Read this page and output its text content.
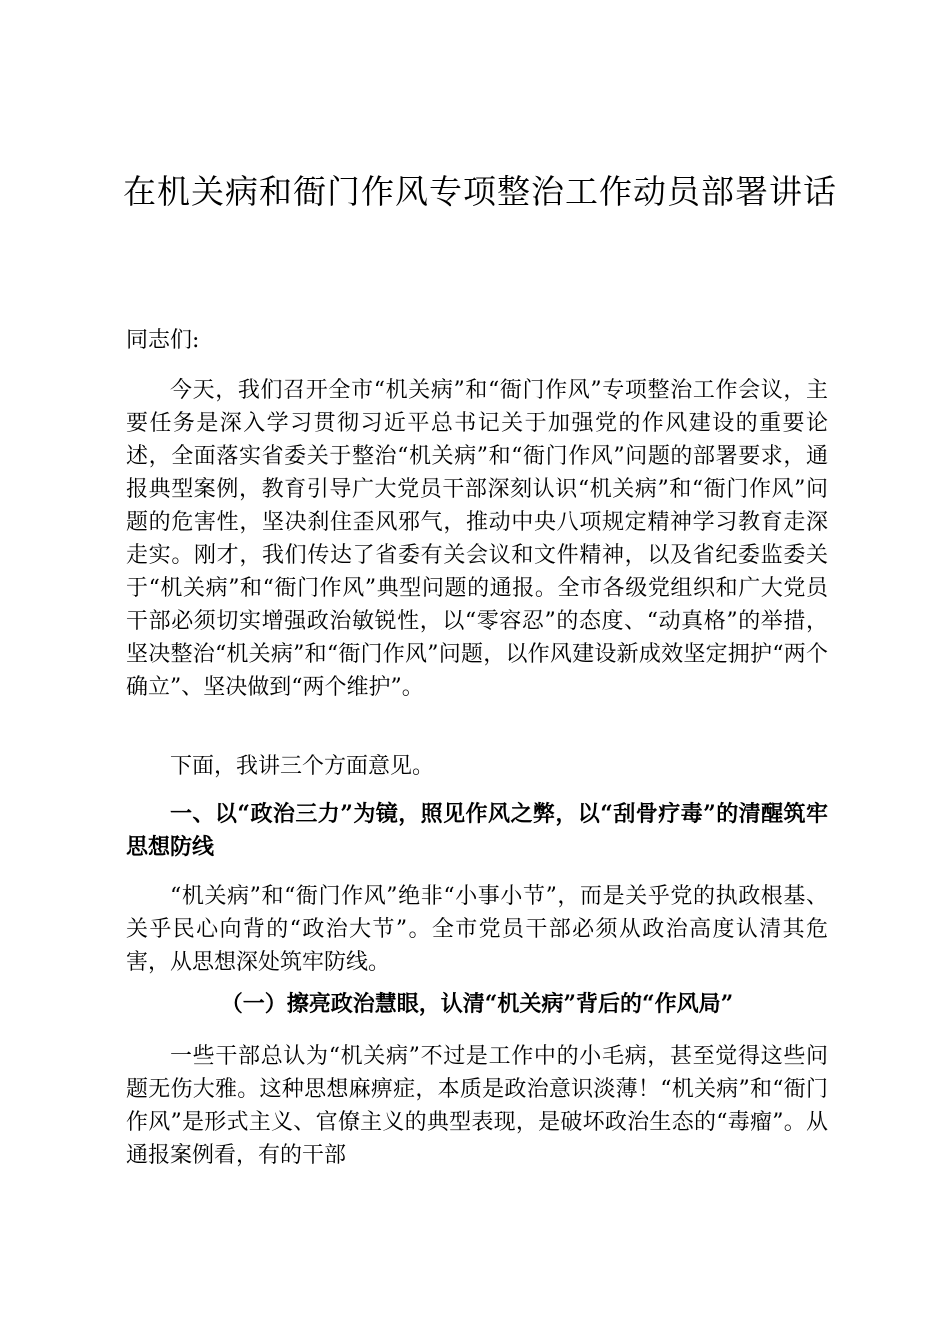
在机关病和衙门作风专项整治工作动员部署讲话

同志们:

今天，我们召开全市“机关病”和“衙门作风”专项整治工作会议，主要任务是深入学习贯彻习近平总书记关于加强党的作风建设的重要论述，全面落实省委关于整治“机关病”和“衙门作风”问题的部署要求，通报典型案例，教育引导广大党员干部深刻认识“机关病”和“衙门作风”问题的危害性，坚决刹住歪风邪气，推动中央八项规定精神学习教育走深走实。刚才，我们传达了省委有关会议和文件精神，以及省纪委监委关于“机关病”和“衙门作风”典型问题的通报。全市各级党组织和广大党员干部必须切实增强政治敏锐性，以“零容忍”的态度、“动真格”的举措，坚决整治“机关病”和“衙门作风”问题，以作风建设新成效坚定拥护“两个确立”、坚决做到“两个维护”。

下面，我讲三个方面意见。

一、以“政治三力”为镜，照见作风之弊，以“刮骨疗毒”的清醒筑牢思想防线

“机关病”和“衙门作风”绝非“小事小节”，而是关乎党的执政根基、关乎民心向背的“政治大节”。全市党员干部必须从政治高度认清其危害，从思想深处筑牢防线。

（一）擦亮政治慧眼，认清“机关病”背后的“作风局”

一些干部总认为“机关病”不过是工作中的小毛病，甚至觉得这些问题无伤大雅。这种思想麻痹症，本质是政治意识淡薄！“机关病”和“衙门作风”是形式主义、官僚主义的典型表现，是破坏政治生态的“毒瘤”。从通报案例看，有的干部
